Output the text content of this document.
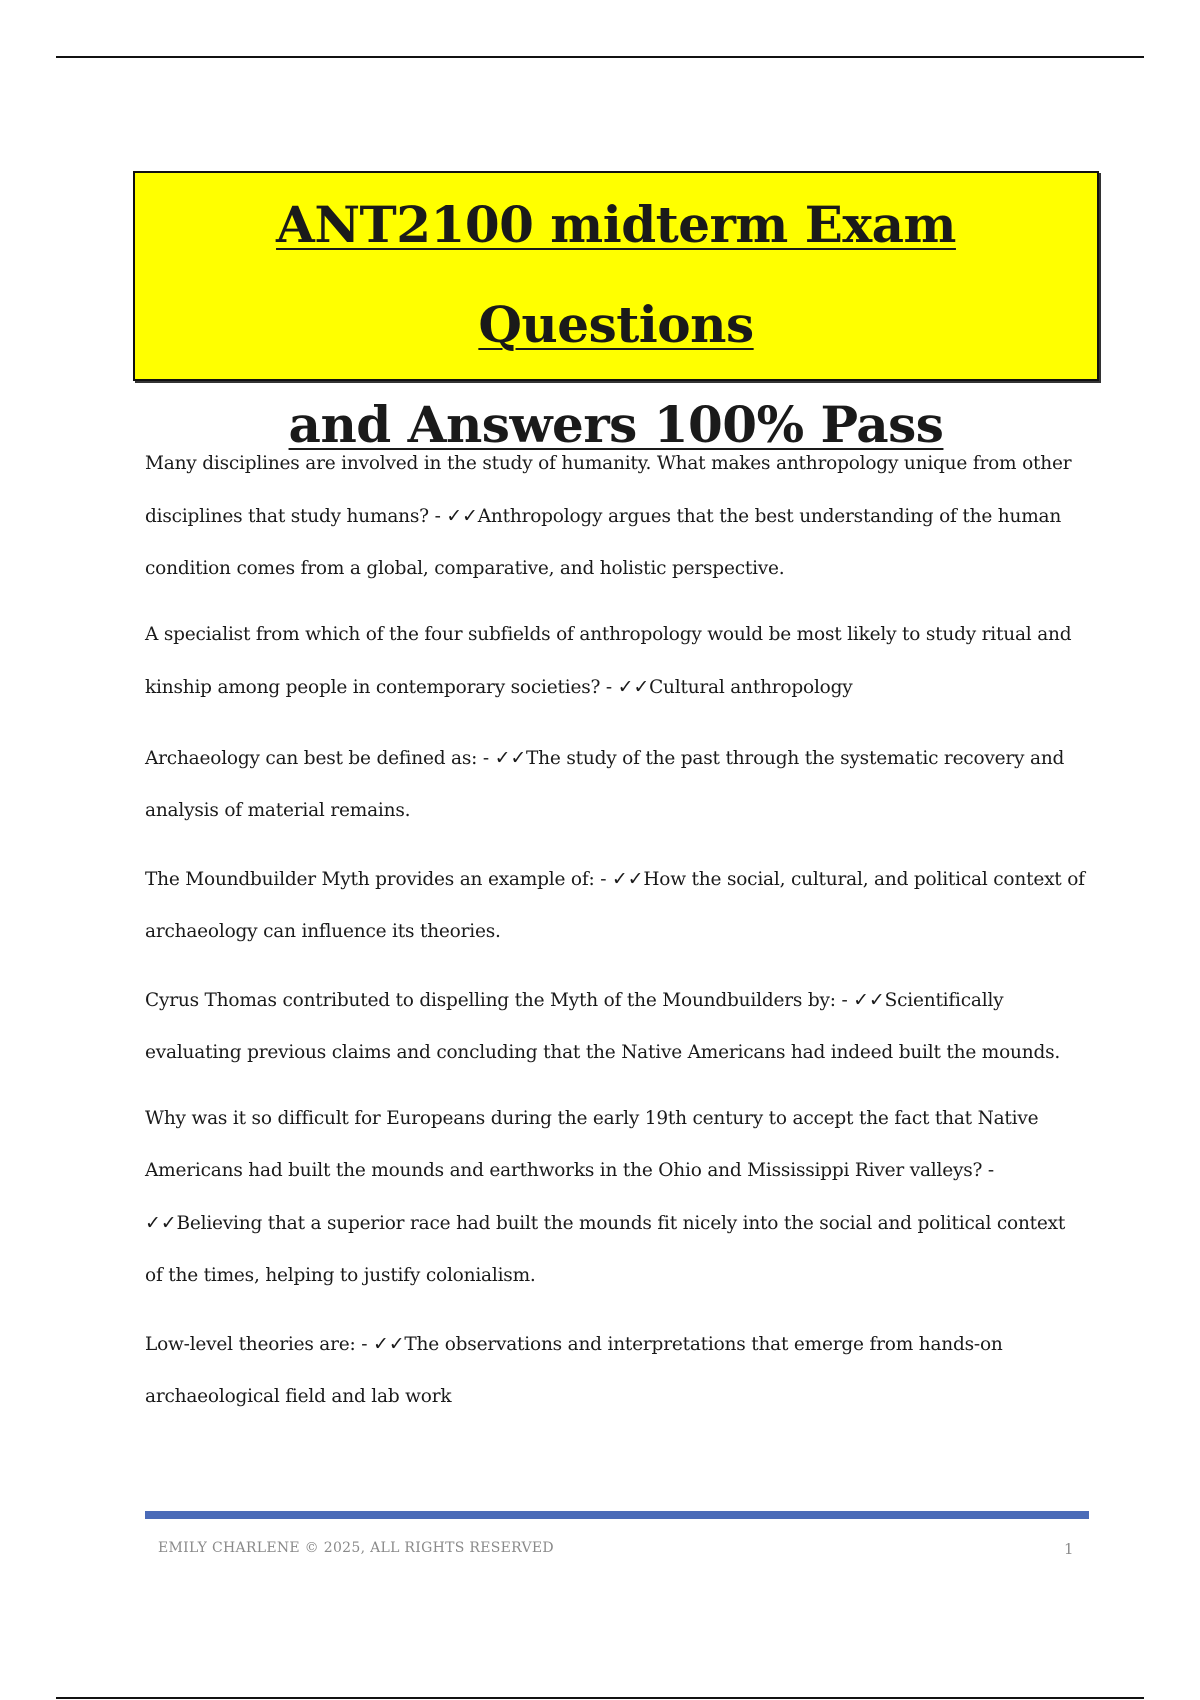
ANT2100 midterm Exam Questions
and Answers 100% Pass

Many disciplines are involved in the study of humanity. What makes anthropology unique from other disciplines that study humans? - ✓✓Anthropology argues that the best understanding of the human condition comes from a global, comparative, and holistic perspective.

A specialist from which of the four subfields of anthropology would be most likely to study ritual and kinship among people in contemporary societies? - ✓✓Cultural anthropology

Archaeology can best be defined as: - ✓✓The study of the past through the systematic recovery and analysis of material remains.

The Moundbuilder Myth provides an example of: - ✓✓How the social, cultural, and political context of archaeology can influence its theories.

Cyrus Thomas contributed to dispelling the Myth of the Moundbuilders by: - ✓✓Scientifically evaluating previous claims and concluding that the Native Americans had indeed built the mounds.

Why was it so difficult for Europeans during the early 19th century to accept the fact that Native Americans had built the mounds and earthworks in the Ohio and Mississippi River valleys? - ✓✓Believing that a superior race had built the mounds fit nicely into the social and political context of the times, helping to justify colonialism.

Low-level theories are: - ✓✓The observations and interpretations that emerge from hands-on archaeological field and lab work

EMILY CHARLENE © 2025, ALL RIGHTS RESERVED	1
